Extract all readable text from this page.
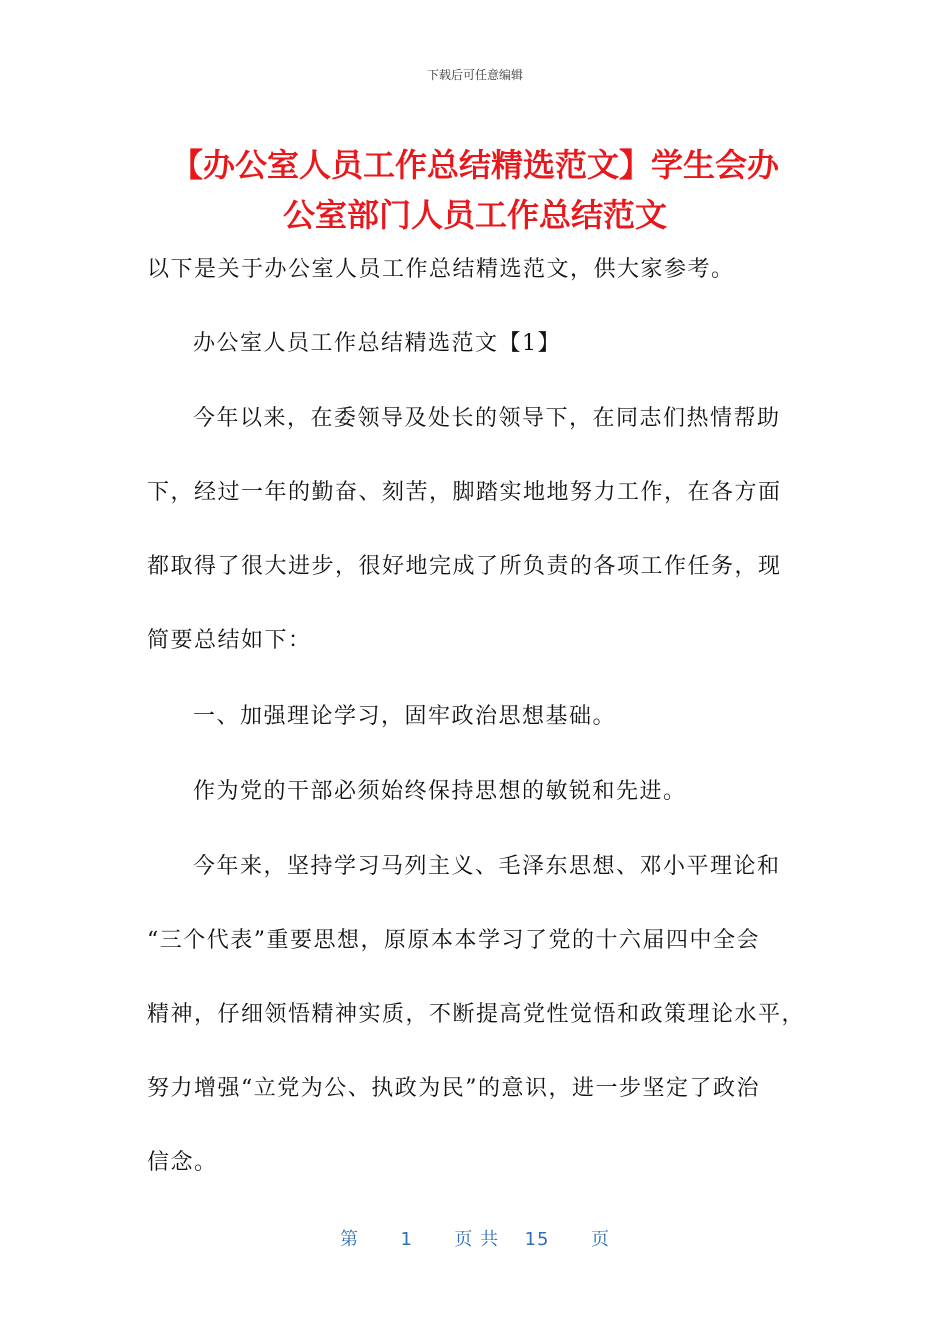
下载后可任意编辑
【办公室人员工作总结精选范文】学生会办
公室部门人员工作总结范文
以下是关于办公室人员工作总结精选范文，供大家参考。
办公室人员工作总结精选范文【1】
今年以来，在委领导及处长的领导下，在同志们热情帮助
下，经过一年的勤奋、刻苦，脚踏实地地努力工作，在各方面
都取得了很大进步，很好地完成了所负责的各项工作任务，现
简要总结如下：
一、加强理论学习，固牢政治思想基础。
作为党的干部必须始终保持思想的敏锐和先进。
今年来，坚持学习马列主义、毛泽东思想、邓小平理论和
“三个代表”重要思想，原原本本学习了党的十六届四中全会
精神，仔细领悟精神实质，不断提高党性觉悟和政策理论水平，
努力增强“立党为公、执政为民”的意识，进一步坚定了政治
信念。
第 1 页 共 15 页
